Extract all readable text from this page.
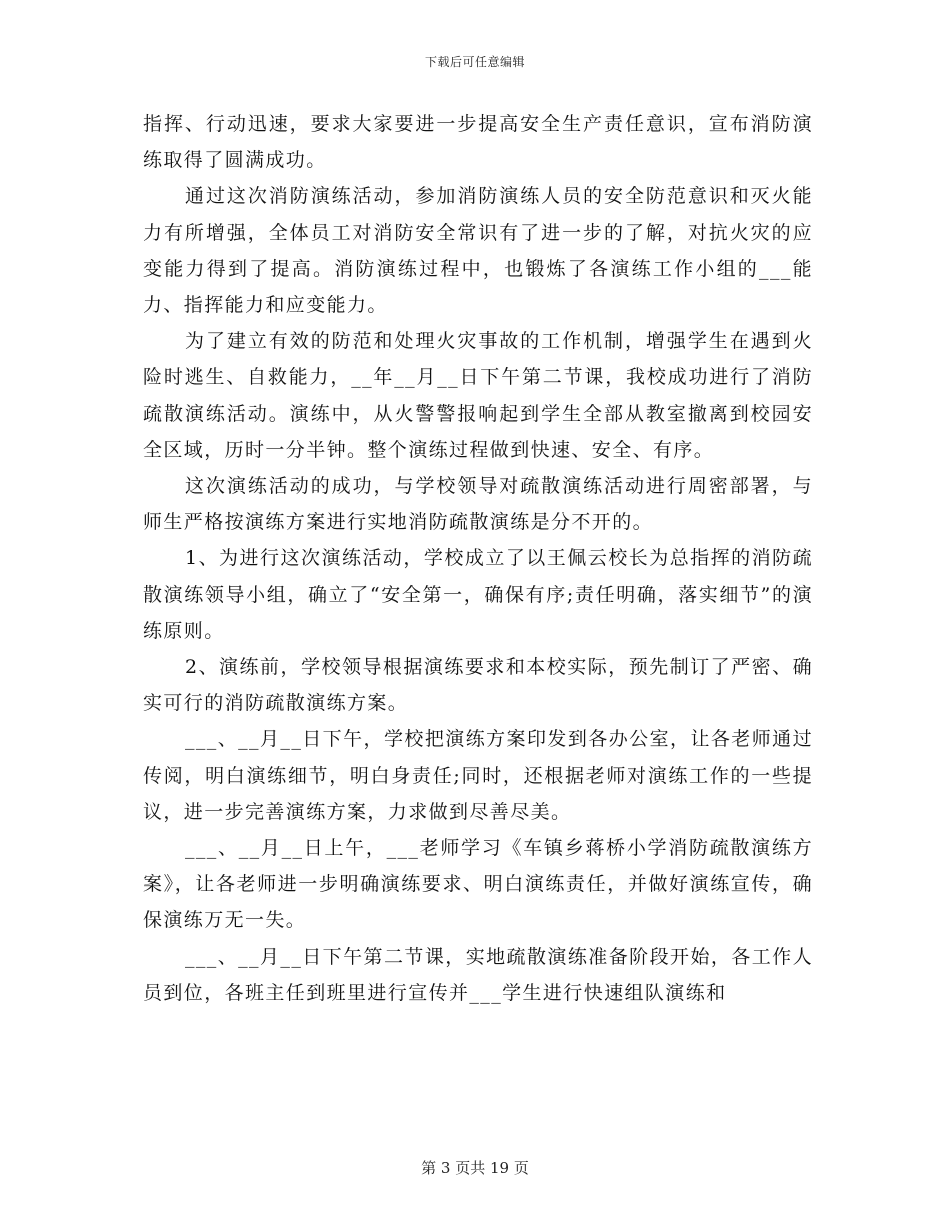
下载后可任意编辑

指挥、行动迅速，要求大家要进一步提高安全生产责任意识，宣布消防演练取得了圆满成功。

通过这次消防演练活动，参加消防演练人员的安全防范意识和灭火能力有所增强，全体员工对消防安全常识有了进一步的了解，对抗火灾的应变能力得到了提高。消防演练过程中，也锻炼了各演练工作小组的___能力、指挥能力和应变能力。

为了建立有效的防范和处理火灾事故的工作机制，增强学生在遇到火险时逃生、自救能力，__年__月__日下午第二节课，我校成功进行了消防疏散演练活动。演练中，从火警警报响起到学生全部从教室撤离到校园安全区域，历时一分半钟。整个演练过程做到快速、安全、有序。

这次演练活动的成功，与学校领导对疏散演练活动进行周密部署，与师生严格按演练方案进行实地消防疏散演练是分不开的。

1、为进行这次演练活动，学校成立了以王佩云校长为总指挥的消防疏散演练领导小组，确立了“安全第一，确保有序;责任明确，落实细节”的演练原则。

2、演练前，学校领导根据演练要求和本校实际，预先制订了严密、确实可行的消防疏散演练方案。

___、__月__日下午，学校把演练方案印发到各办公室，让各老师通过传阅，明白演练细节，明白身责任;同时，还根据老师对演练工作的一些提议，进一步完善演练方案，力求做到尽善尽美。

___、__月__日上午，___老师学习《车镇乡蒋桥小学消防疏散演练方案》，让各老师进一步明确演练要求、明白演练责任，并做好演练宣传，确保演练万无一失。

___、__月__日下午第二节课，实地疏散演练准备阶段开始，各工作人员到位，各班主任到班里进行宣传并___学生进行快速组队演练和

第 3 页共 19 页
